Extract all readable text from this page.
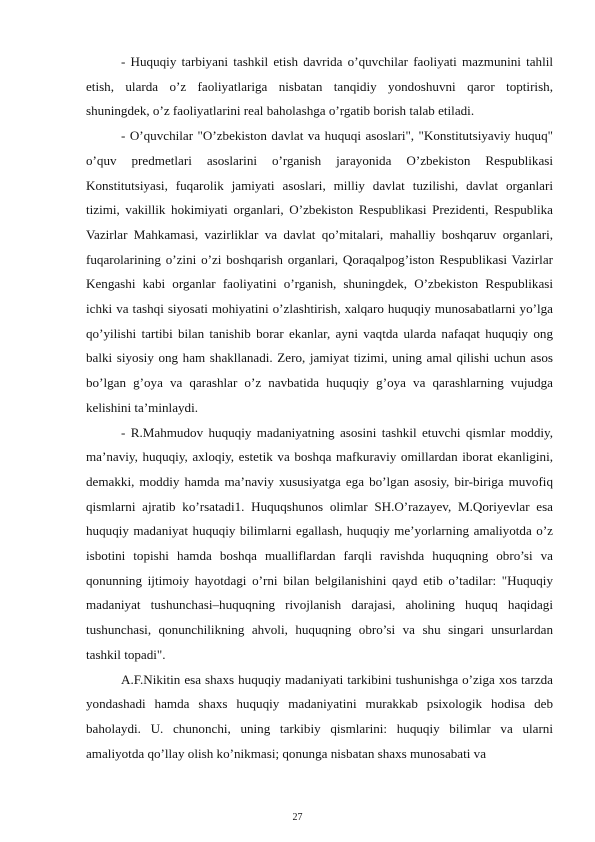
- Huquqiy tarbiyani tashkil etish davrida o’quvchilar faoliyati mazmunini tahlil etish, ularda o’z faoliyatlariga nisbatan tanqidiy yondoshuvni qaror toptirish, shuningdek, o’z faoliyatlarini real baholashga o’rgatib borish talab etiladi.

- O’quvchilar "O’zbekiston davlat va huquqi asoslari", "Konstitutsiyaviy huquq" o’quv predmetlari asoslarini o’rganish jarayonida O’zbekiston Respublikasi Konstitutsiyasi, fuqarolik jamiyati asoslari, milliy davlat tuzilishi, davlat organlari tizimi, vakillik hokimiyati organlari, O’zbekiston Respublikasi Prezidenti, Respublika Vazirlar Mahkamasi, vazirliklar va davlat qo’mitalari, mahalliy boshqaruv organlari, fuqarolarining o’zini o’zi boshqarish organlari, Qoraqalpog’iston Respublikasi Vazirlar Kengashi kabi organlar faoliyatini o’rganish, shuningdek, O’zbekiston Respublikasi ichki va tashqi siyosati mohiyatini o’zlashtirish, xalqaro huquqiy munosabatlarni yo’lga qo’yilishi tartibi bilan tanishib borar ekanlar, ayni vaqtda ularda nafaqat huquqiy ong balki siyosiy ong ham shakllanadi. Zero, jamiyat tizimi, uning amal qilishi uchun asos bo’lgan g’oya va qarashlar o’z navbatida huquqiy g’oya va qarashlarning vujudga kelishini ta’minlaydi.

- R.Mahmudov huquqiy madaniyatning asosini tashkil etuvchi qismlar moddiy, ma’naviy, huquqiy, axloqiy, estetik va boshqa mafkuraviy omillardan iborat ekanligini, demakki, moddiy hamda ma’naviy xususiyatga ega bo’lgan asosiy, bir-biriga muvofiq qismlarni ajratib ko’rsatadi1. Huquqshunos olimlar SH.O’razayev, M.Qoriyevlar esa huquqiy madaniyat huquqiy bilimlarni egallash, huquqiy me’yorlarning amaliyotda o’z isbotini topishi hamda boshqa mualliflardan farqli ravishda huquqning obro’si va qonunning ijtimoiy hayotdagi o’rni bilan belgilanishini qayd etib o’tadilar: "Huquqiy madaniyat tushunchasi–huquqning rivojlanish darajasi, aholining huquq haqidagi tushunchasi, qonunchilikning ahvoli, huquqning obro’si va shu singari unsurlardan tashkil topadi".

A.F.Nikitin esa shaxs huquqiy madaniyati tarkibini tushunishga o’ziga xos tarzda yondashadi hamda shaxs huquqiy madaniyatini murakkab psixologik hodisa deb baholaydi. U. chunonchi, uning tarkibiy qismlarini: huquqiy bilimlar va ularni amaliyotda qo’llay olish ko’nikmasi; qonunga nisbatan shaxs munosabati va

27
